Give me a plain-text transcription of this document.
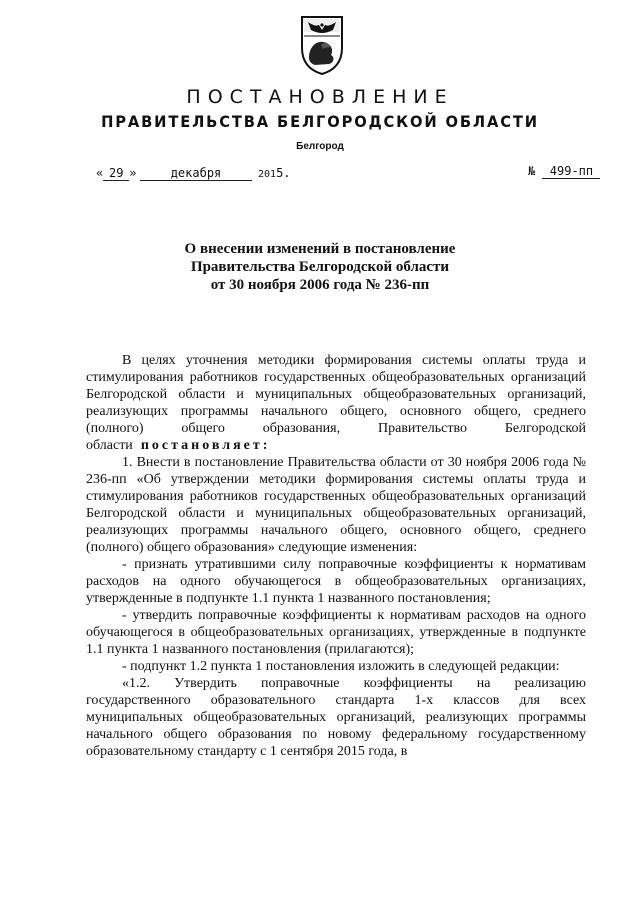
ПОСТАНОВЛЕНИЕ
ПРАВИТЕЛЬСТВА БЕЛГОРОДСКОЙ ОБЛАСТИ
Белгород
« 29 »	декабря	2015.	№ 499-пп
О внесении изменений в постановление
Правительства Белгородской области
от 30 ноября 2006 года № 236-пп

В целях уточнения методики формирования системы оплаты труда и стимулирования работников государственных общеобразовательных организаций Белгородской области и муниципальных общеобразовательных организаций, реализующих программы начального общего, основного общего, среднего (полного) общего образования, Правительство Белгородской области постановляет:

1. Внести в постановление Правительства области от 30 ноября 2006 года № 236-пп «Об утверждении методики формирования системы оплаты труда и стимулирования работников государственных общеобразовательных организаций Белгородской области и муниципальных общеобразовательных организаций, реализующих программы начального общего, основного общего, среднего (полного) общего образования» следующие изменения:

- признать утратившими силу поправочные коэффициенты к нормативам расходов на одного обучающегося в общеобразовательных организациях, утвержденные в подпункте 1.1 пункта 1 названного постановления;

- утвердить поправочные коэффициенты к нормативам расходов на одного обучающегося в общеобразовательных организациях, утвержденные в подпункте 1.1 пункта 1 названного постановления (прилагаются);

- подпункт 1.2 пункта 1 постановления изложить в следующей редакции:

«1.2. Утвердить поправочные коэффициенты на реализацию государственного образовательного стандарта 1-х классов для всех муниципальных общеобразовательных организаций, реализующих программы начального общего образования по новому федеральному государственному образовательному стандарту с 1 сентября 2015 года, в
